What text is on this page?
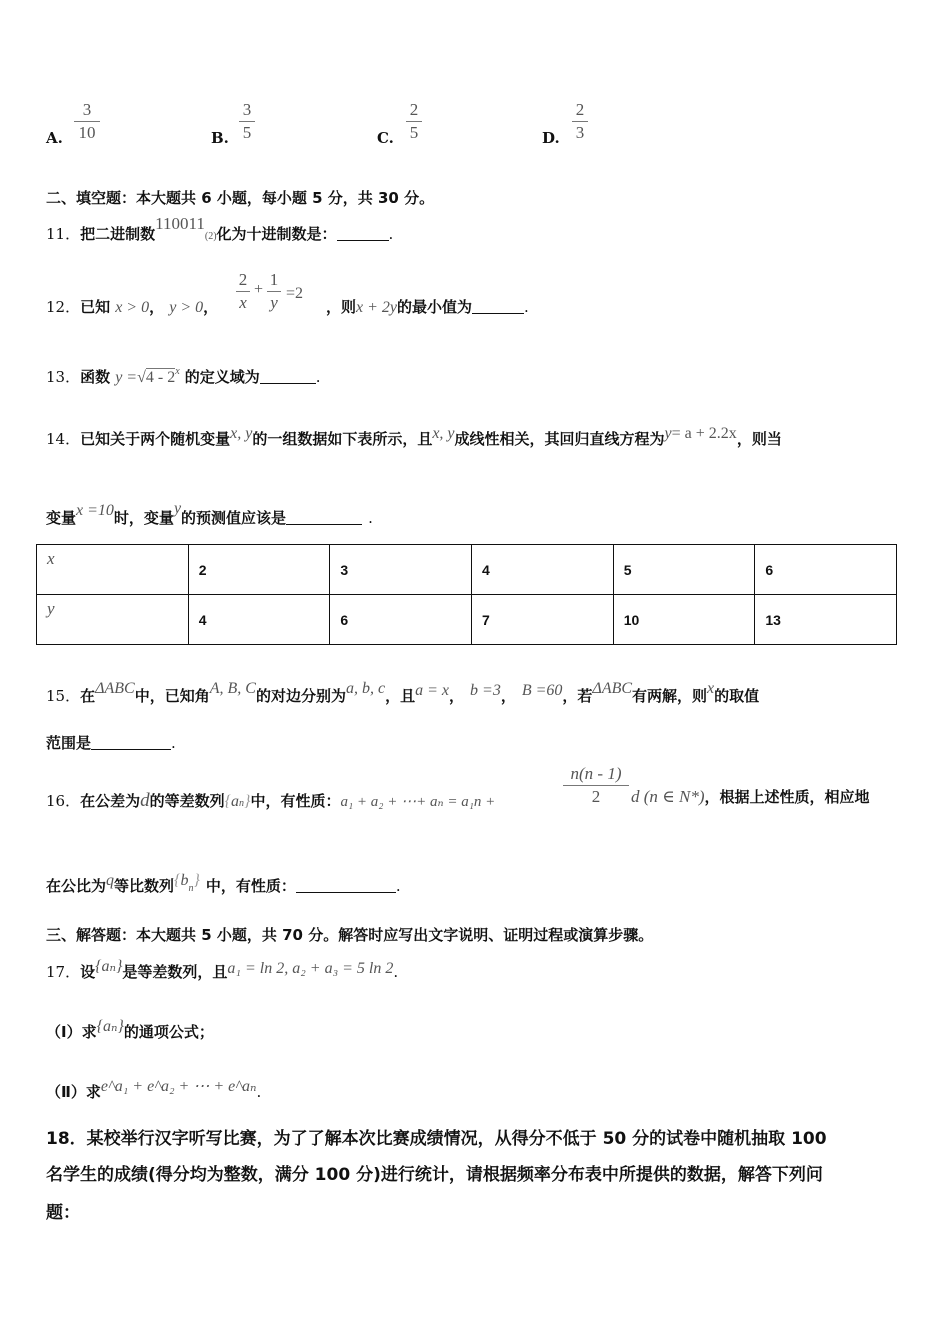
A.
3
10	B.
3
5	C.
2
5	D.
2
3
二、填空题：本大题共 6 小题，每小题 5 分，共 30 分。
11．把二进制数110011(2)化为十进制数是：	.
12．已知 x > 0， y > 0，
2
x
+
1
y =2
，则x + 2y的最小值为	.
13．函数 y =√4 - 2$^x$ 的定义域为	.
14．已知关于两个随机变量x, y的一组数据如下表所示，且x, y成线性相关，其回归直线方程为y= a + 2.2x，则当
变量x =10时，变量y的预测值应该是	.
x	2	3	4	5	6
y	4	6	7	10	13
15．在ΔABC中，已知角A, B, C的对边分别为a, b, c，且a = x， b =3， B =60，若ΔABC有两解，则x的取值
范围是	.
16．在公差为d的等差数列{an}中，有性质：a₁ + a₂ + ⋯+ aₙ = a₁n +
n(n - 1)
2	d (n ∈ N*)，根据上述性质，相应地
在公比为q等比数列{bn} 中，有性质：	.
三、解答题：本大题共 5 小题，共 70 分。解答时应写出文字说明、证明过程或演算步骤。
17．设{aₙ}是等差数列，且a₁ = ln 2, a₂ + a₃ = 5 ln 2.
（Ⅰ）求{aₙ}的通项公式；
（Ⅱ）求e^a₁ + e^a₂ + ⋯ + e^aₙ.
18．某校举行汉字听写比赛，为了了解本次比赛成绩情况，从得分不低于 50 分的试卷中随机抽取 100
名学生的成绩(得分均为整数，满分 100 分)进行统计，请根据频率分布表中所提供的数据，解答下列问
题：
